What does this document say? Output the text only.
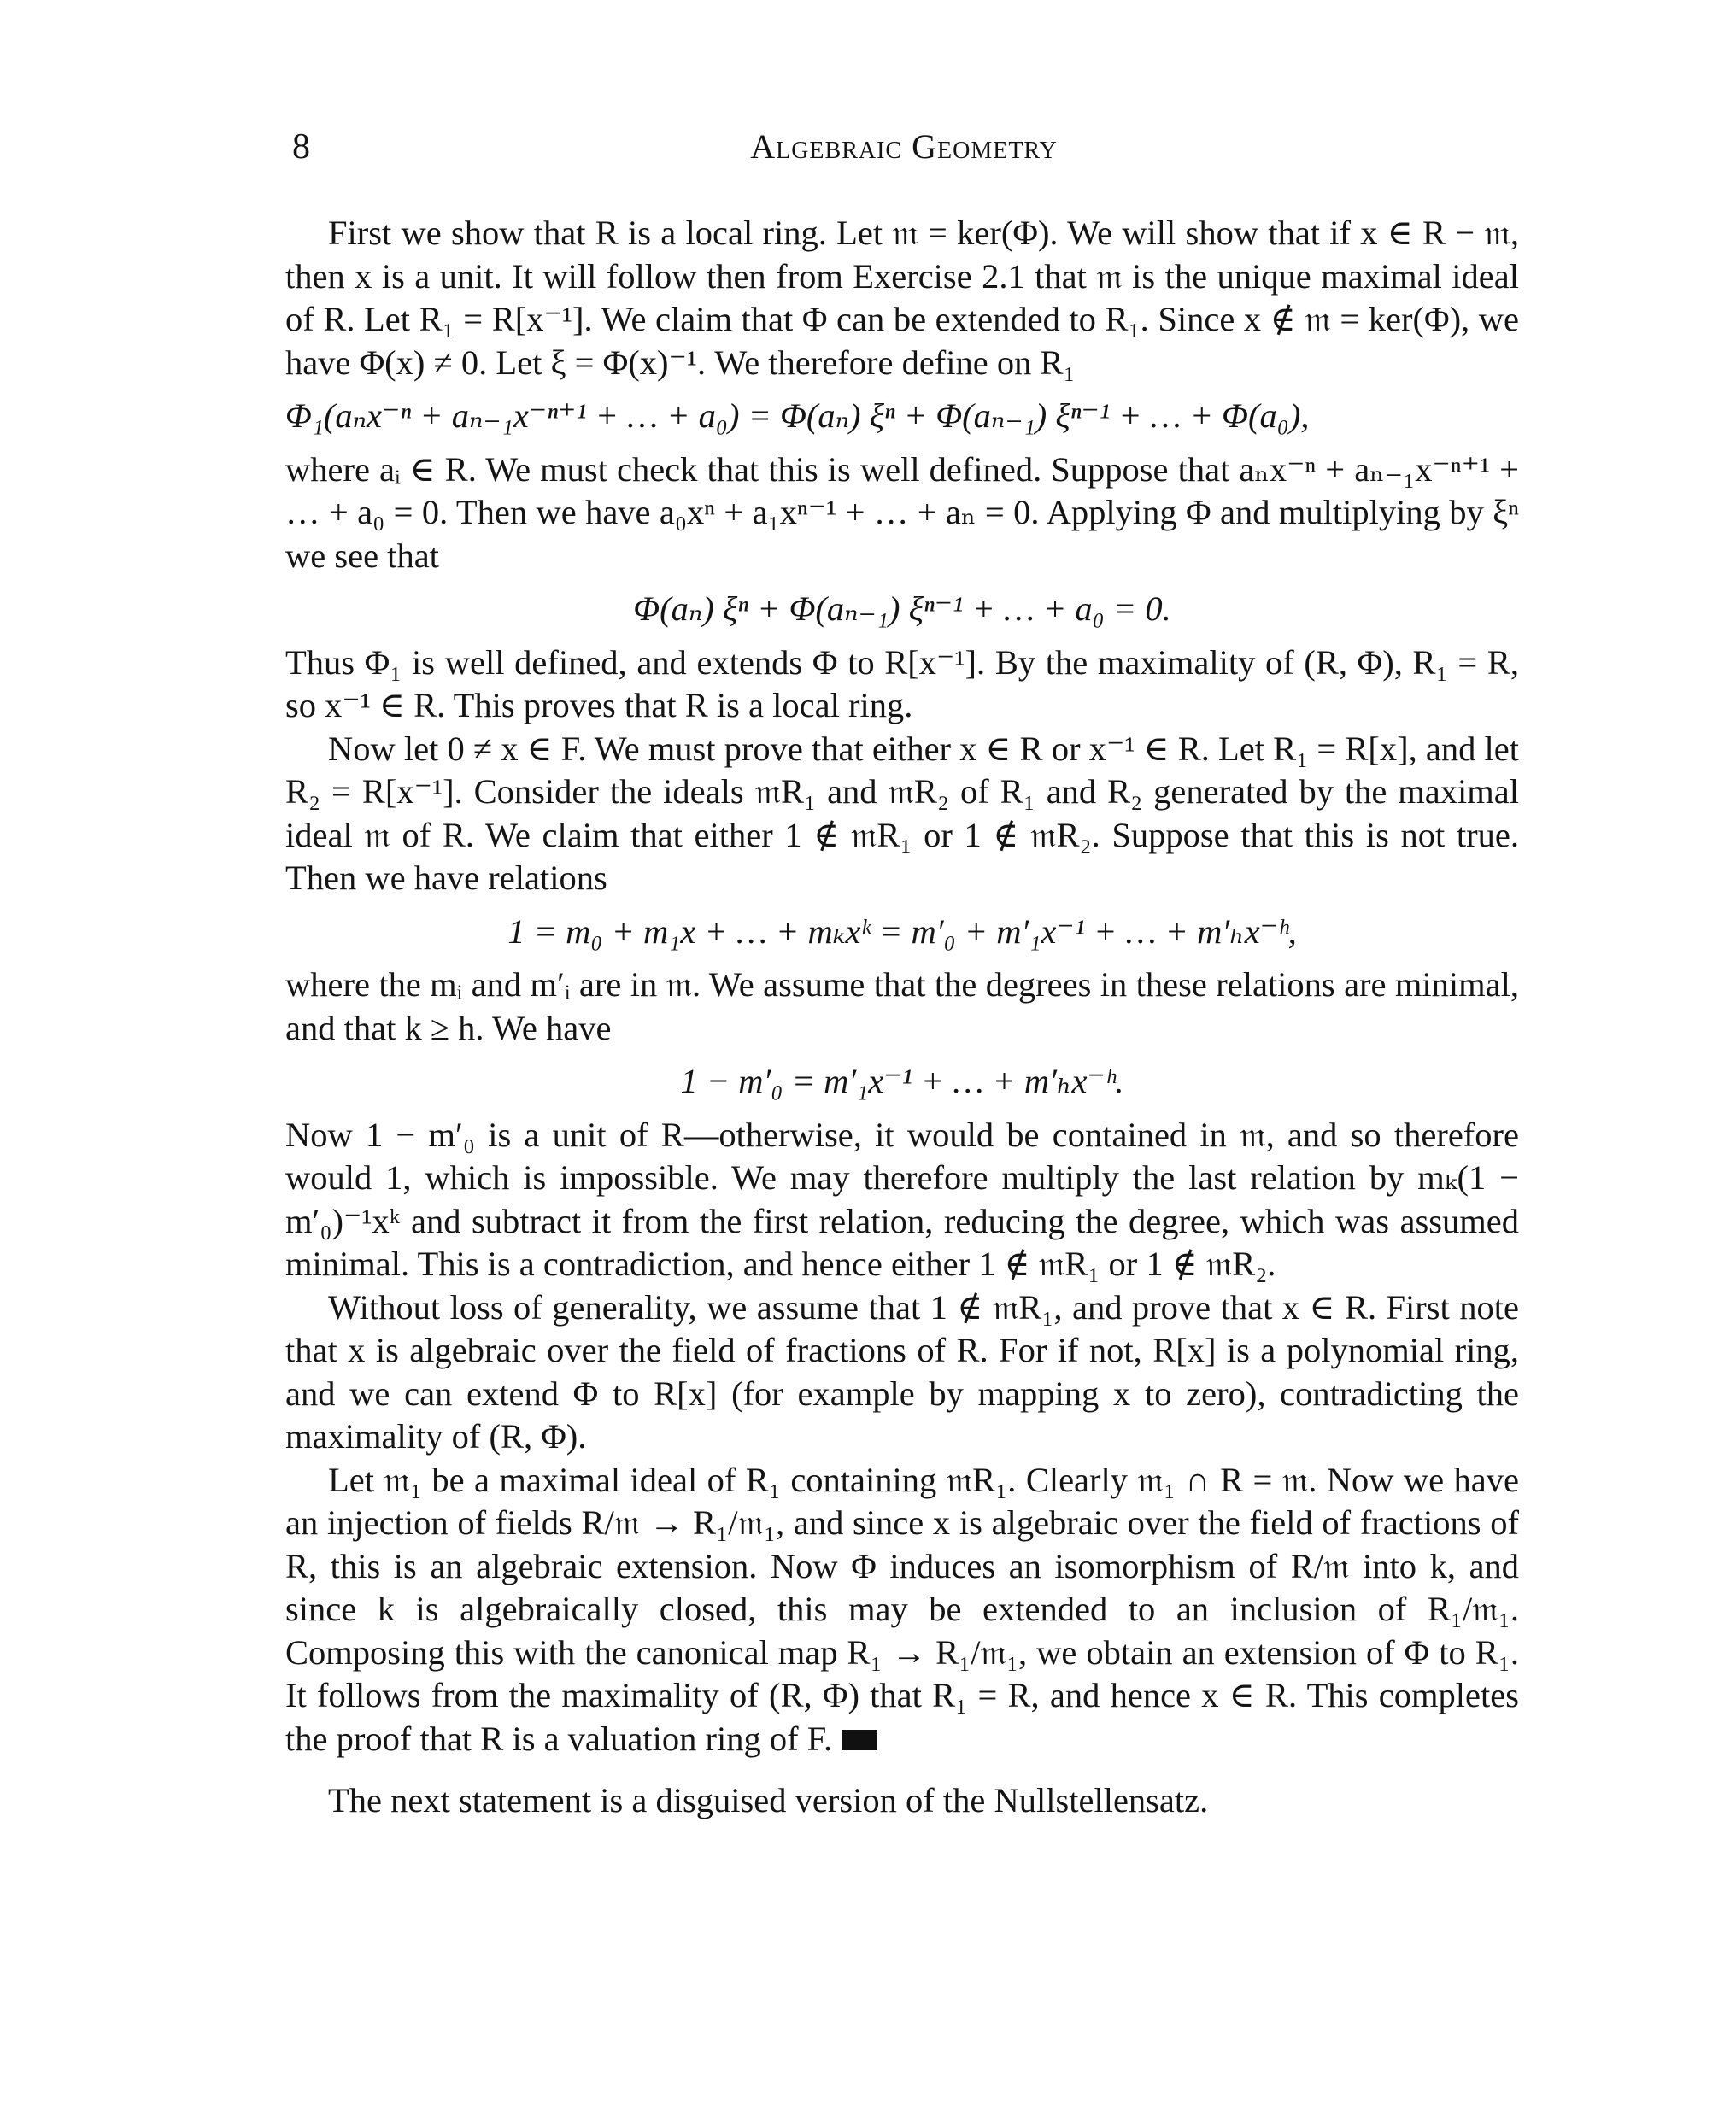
8	Algebraic Geometry

First we show that R is a local ring. Let 𝔪 = ker(Φ). We will show that if x ∈ R − 𝔪, then x is a unit. It will follow then from Exercise 2.1 that 𝔪 is the unique maximal ideal of R. Let R₁ = R[x⁻¹]. We claim that Φ can be extended to R₁. Since x ∉ 𝔪 = ker(Φ), we have Φ(x) ≠ 0. Let ξ = Φ(x)⁻¹. We therefore define on R₁

Φ₁(aₙx⁻ⁿ + aₙ₋₁x⁻ⁿ⁺¹ + … + a₀) = Φ(aₙ) ξⁿ + Φ(aₙ₋₁) ξⁿ⁻¹ + … + Φ(a₀),

where aᵢ ∈ R. We must check that this is well defined. Suppose that aₙx⁻ⁿ + aₙ₋₁x⁻ⁿ⁺¹ + … + a₀ = 0. Then we have a₀xⁿ + a₁xⁿ⁻¹ + … + aₙ = 0. Applying Φ and multiplying by ξⁿ we see that

Φ(aₙ) ξⁿ + Φ(aₙ₋₁) ξⁿ⁻¹ + … + a₀ = 0.

Thus Φ₁ is well defined, and extends Φ to R[x⁻¹]. By the maximality of (R, Φ), R₁ = R, so x⁻¹ ∈ R. This proves that R is a local ring.

Now let 0 ≠ x ∈ F. We must prove that either x ∈ R or x⁻¹ ∈ R. Let R₁ = R[x], and let R₂ = R[x⁻¹]. Consider the ideals 𝔪R₁ and 𝔪R₂ of R₁ and R₂ generated by the maximal ideal 𝔪 of R. We claim that either 1 ∉ 𝔪R₁ or 1 ∉ 𝔪R₂. Suppose that this is not true. Then we have relations

1 = m₀ + m₁x + … + mₖxᵏ = m′₀ + m′₁x⁻¹ + … + m′ₕx⁻ʰ,

where the mᵢ and m′ᵢ are in 𝔪. We assume that the degrees in these relations are minimal, and that k ≥ h. We have

1 − m′₀ = m′₁x⁻¹ + … + m′ₕx⁻ʰ.

Now 1 − m′₀ is a unit of R—otherwise, it would be contained in 𝔪, and so therefore would 1, which is impossible. We may therefore multiply the last relation by mₖ(1 − m′₀)⁻¹xᵏ and subtract it from the first relation, reducing the degree, which was assumed minimal. This is a contradiction, and hence either 1 ∉ 𝔪R₁ or 1 ∉ 𝔪R₂.

Without loss of generality, we assume that 1 ∉ 𝔪R₁, and prove that x ∈ R. First note that x is algebraic over the field of fractions of R. For if not, R[x] is a polynomial ring, and we can extend Φ to R[x] (for example by mapping x to zero), contradicting the maximality of (R, Φ).

Let 𝔪₁ be a maximal ideal of R₁ containing 𝔪R₁. Clearly 𝔪₁ ∩ R = 𝔪. Now we have an injection of fields R/𝔪 → R₁/𝔪₁, and since x is algebraic over the field of fractions of R, this is an algebraic extension. Now Φ induces an isomorphism of R/𝔪 into k, and since k is algebraically closed, this may be extended to an inclusion of R₁/𝔪₁. Composing this with the canonical map R₁ → R₁/𝔪₁, we obtain an extension of Φ to R₁. It follows from the maximality of (R, Φ) that R₁ = R, and hence x ∈ R. This completes the proof that R is a valuation ring of F.

The next statement is a disguised version of the Nullstellensatz.
